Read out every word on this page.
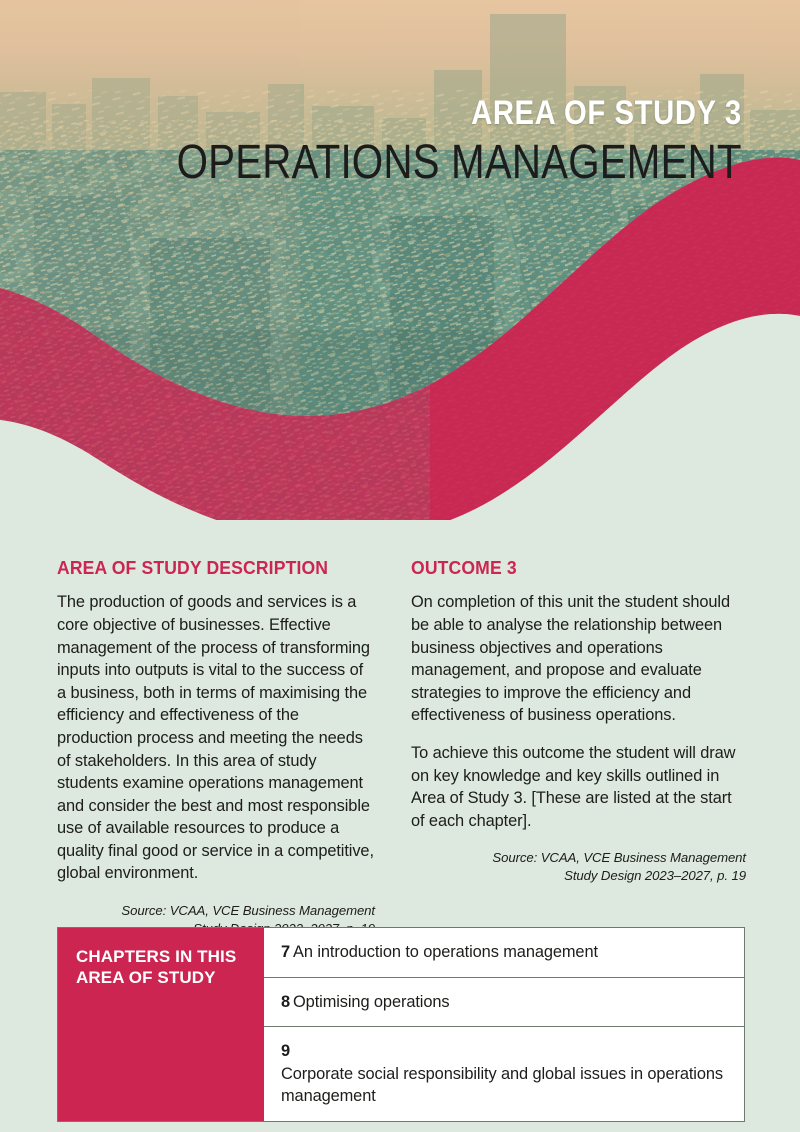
AREA OF STUDY 3
OPERATIONS MANAGEMENT
AREA OF STUDY DESCRIPTION

The production of goods and services is a core objective of businesses. Effective management of the process of transforming inputs into outputs is vital to the success of a business, both in terms of maximising the efficiency and effectiveness of the production process and meeting the needs of stakeholders. In this area of study students examine operations management and consider the best and most responsible use of available resources to produce a quality final good or service in a competitive, global environment.

Source: VCAA, VCE Business Management
OUTCOME 3

On completion of this unit the student should be able to analyse the relationship between business objectives and operations management, and propose and evaluate strategies to improve the efficiency and effectiveness of business operations.

To achieve this outcome the student will draw on key knowledge and key skills outlined in Area of Study 3. [These are listed at the start of each chapter].

Source: VCAA, VCE Business Management
Study Design 2023–2027, p. 19
CHAPTERS IN THIS AREA OF STUDY
7 An introduction to operations management
8 Optimising operations
9Corporate social responsibility and global issues in operations management
